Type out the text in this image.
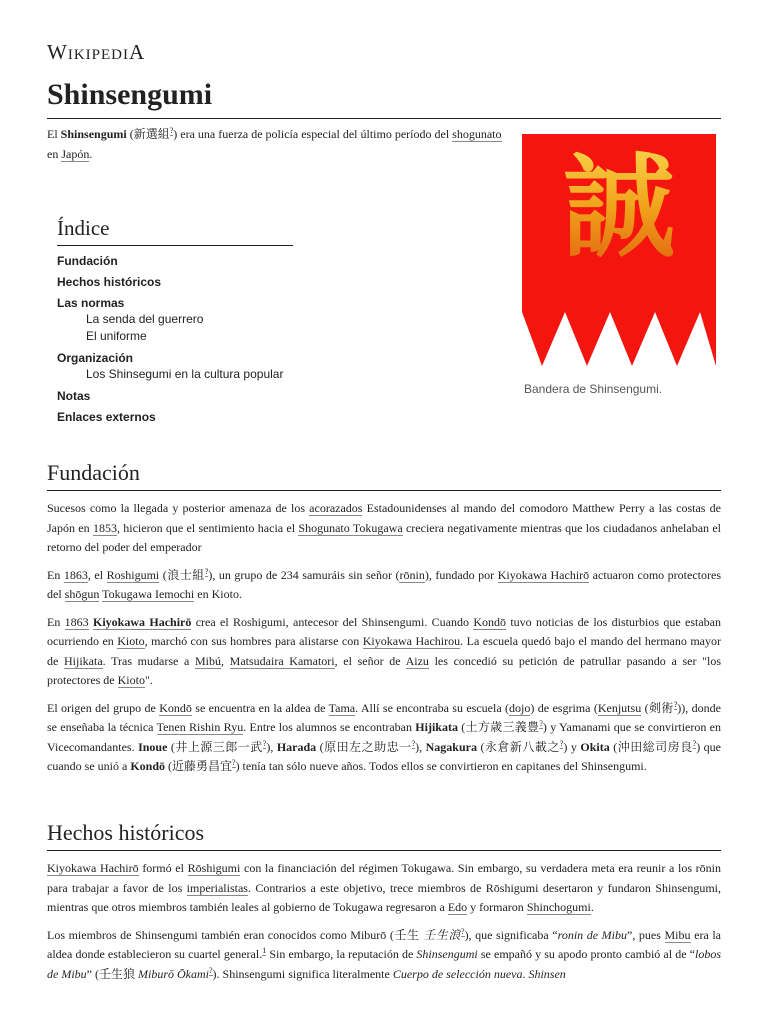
WikipediA
Shinsengumi
El Shinsengumi (新選組?) era una fuerza de policía especial del último período del shogunato en Japón.	誠
Bandera de Shinsengumi.
Índice
Fundación
Hechos históricos
Las normas
La senda del guerrero
El uniforme
Organización
Los Shinsegumi en la cultura popular
Notas
Enlaces externos
Fundación

Sucesos como la llegada y posterior amenaza de los acorazados Estadounidenses al mando del comodoro Matthew Perry a las costas de Japón en 1853, hicieron que el sentimiento hacia el Shogunato Tokugawa creciera negativamente mientras que los ciudadanos anhelaban el retorno del poder del emperador

En 1863, el Roshigumi (浪士組?), un grupo de 234 samuráis sin señor (rōnin), fundado por Kiyokawa Hachirō actuaron como protectores del shōgun Tokugawa Iemochi en Kioto.

En 1863 Kiyokawa Hachirō crea el Roshigumi, antecesor del Shinsengumi. Cuando Kondō tuvo noticias de los disturbios que estaban ocurriendo en Kioto, marchó con sus hombres para alistarse con Kiyokawa Hachirou. La escuela quedó bajo el mando del hermano mayor de Hijikata. Tras mudarse a Mibú, Matsudaira Kamatori, el señor de Aizu les concedió su petición de patrullar pasando a ser "los protectores de Kioto".

El origen del grupo de Kondō se encuentra en la aldea de Tama. Allí se encontraba su escuela (dojo) de esgrima (Kenjutsu (剣術?)), donde se enseñaba la técnica Tenen Rishin Ryu. Entre los alumnos se encontraban Hijikata (土方歳三義豊?) y Yamanami que se convirtieron en Vicecomandantes. Inoue (井上源三郎一武?), Harada (原田左之助忠一?), Nagakura (永倉新八載之?) y Okita (沖田総司房良?) que cuando se unió a Kondō (近藤勇昌宜?) tenía tan sólo nueve años. Todos ellos se convirtieron en capitanes del Shinsengumi.

Hechos históricos

Kiyokawa Hachirō formó el Rōshigumi con la financiación del régimen Tokugawa. Sin embargo, su verdadera meta era reunir a los rōnin para trabajar a favor de los imperialistas. Contrarios a este objetivo, trece miembros de Rōshigumi desertaron y fundaron Shinsengumi, mientras que otros miembros también leales al gobierno de Tokugawa regresaron a Edo y formaron Shinchogumi.

Los miembros de Shinsengumi también eran conocidos como Miburō (壬生 壬生浪?), que significaba “ronin de Mibu”, pues Mibu era la aldea donde establecieron su cuartel general.$^1$ Sin embargo, la reputación de Shinsengumi se empañó y su apodo pronto cambió al de “lobos de Mibu” (壬生狼 Miburō Ōkami?). Shinsengumi significa literalmente Cuerpo de selección nueva. Shinsen
